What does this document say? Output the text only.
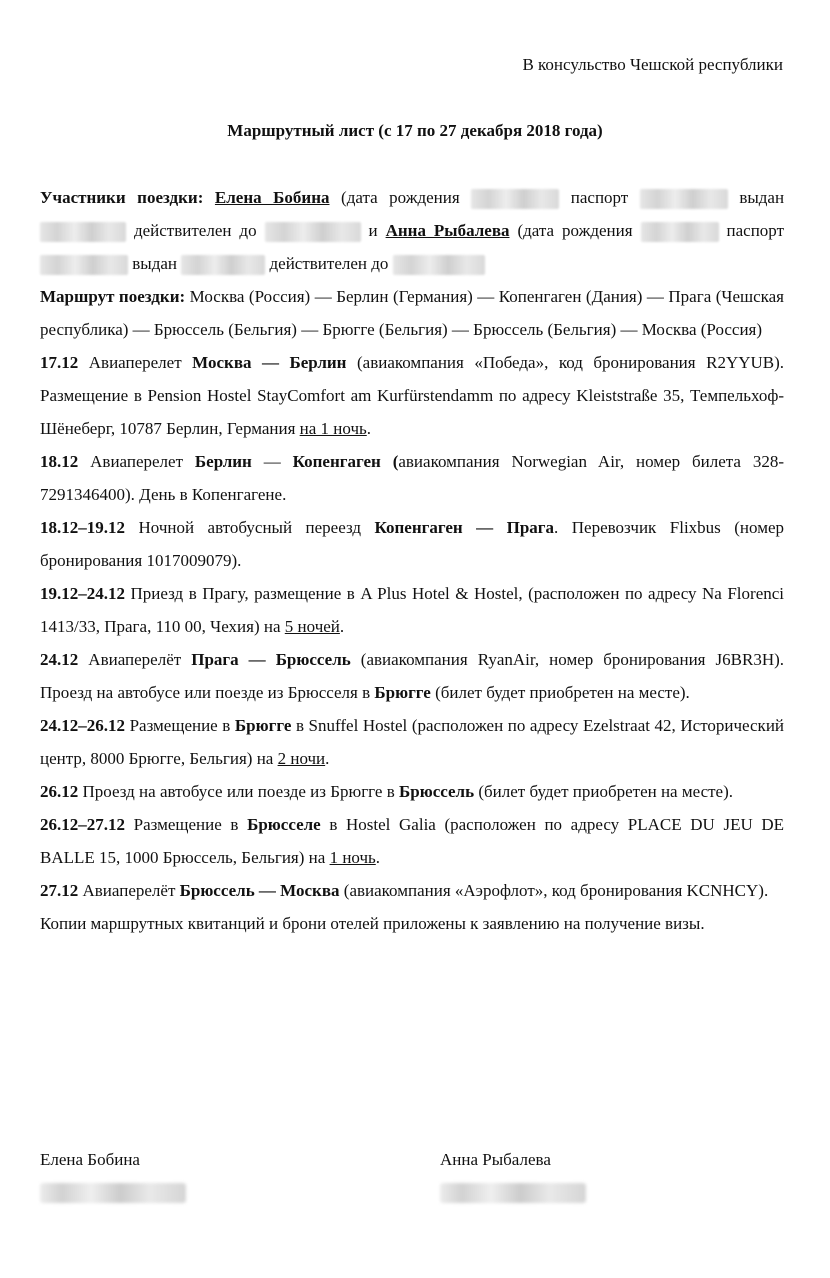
В консульство Чешской республики
Маршрутный лист (с 17 по 27 декабря 2018 года)

Участники поездки: Елена Бобина (дата рождения	паспорт	выдан  действителен до	и Анна Рыбалева (дата рождения	паспорт  выдан	действителен до

Маршрут поездки: Москва (Россия) — Берлин (Германия) — Копенгаген (Дания) — Прага (Чешская республика) — Брюссель (Бельгия) — Брюгге (Бельгия) — Брюссель (Бельгия) — Москва (Россия)

17.12 Авиаперелет Москва — Берлин (авиакомпания «Победа», код бронирования R2YYUB). Размещение в Pension Hostel StayComfort am Kurfürstendamm по адресу Kleiststraße 35, Темпельхоф-Шёнеберг, 10787 Берлин, Германия на 1 ночь.

18.12 Авиаперелет Берлин — Копенгаген (авиакомпания Norwegian Air, номер билета 328-7291346400). День в Копенгагене.

18.12–19.12 Ночной автобусный переезд Копенгаген — Прага. Перевозчик Flixbus (номер бронирования 1017009079).

19.12–24.12 Приезд в Прагу, размещение в A Plus Hotel & Hostel, (расположен по адресу Na Florenci 1413/33, Прага, 110 00, Чехия) на 5 ночей.

24.12 Авиаперелёт Прага — Брюссель (авиакомпания RyanAir, номер бронирования J6BR3H). Проезд на автобусе или поезде из Брюсселя в Брюгге (билет будет приобретен на месте).

24.12–26.12 Размещение в Брюгге в Snuffel Hostel (расположен по адресу Ezelstraat 42, Исторический центр, 8000 Брюгге, Бельгия) на 2 ночи.

26.12 Проезд на автобусе или поезде из Брюгге в Брюссель (билет будет приобретен на месте).

26.12–27.12 Размещение в Брюсселе в Hostel Galia (расположен по адресу PLACE DU JEU DE BALLE 15, 1000 Брюссель, Бельгия) на 1 ночь.

27.12 Авиаперелёт Брюссель — Москва (авиакомпания «Аэрофлот», код бронирования KCNHCY).

Копии маршрутных квитанций и брони отелей приложены к заявлению на получение визы.

Елена Бобина	Анна Рыбалева
